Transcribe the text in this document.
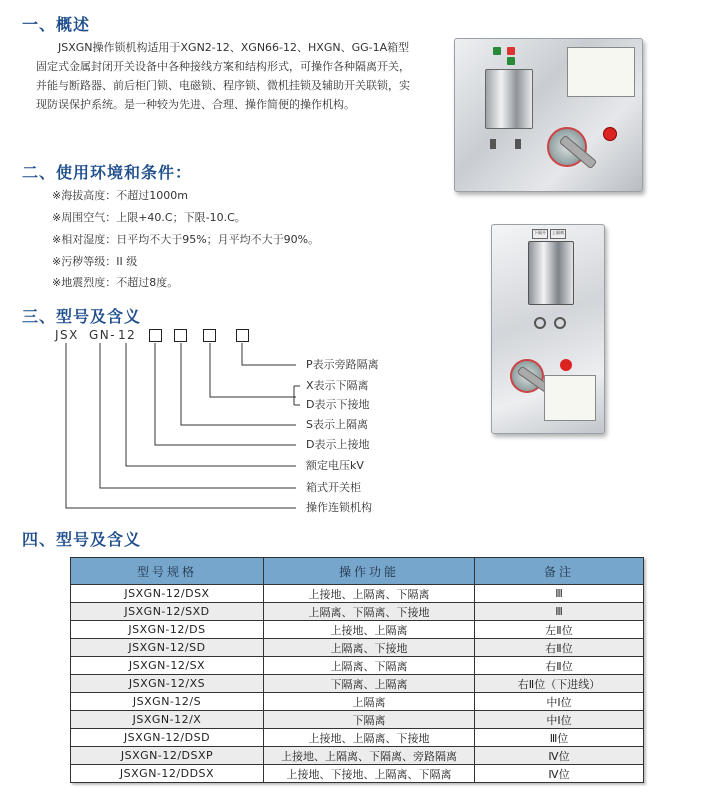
一、概述
JSXGN操作锁机构适用于XGN2-12、XGN66-12、HXGN、GG-1A箱型固定式金属封闭开关设备中各种接线方案和结构形式，可操作各种隔离开关，并能与断路器、前后柜门锁、电磁锁、程序锁、微机挂锁及辅助开关联锁，实现防误保护系统。是一种较为先进、合理、操作简便的操作机构。
二、使用环境和条件：
※海拔高度：不超过1000m
※周围空气：上限+40.C；下限-10.C。
※相对湿度：日平均不大于95%；月平均不大于90%。
※污秽等级：II 级
※地震烈度：不超过8度。
下隔开	上隔离
三、型号及含义
JSX GN- 12
P表示旁路隔离
X表示下隔离
D表示下接地
S表示上隔离
D表示上接地
额定电压kV
箱式开关柜
操作连锁机构
四、型号及含义
型号规格	操作功能	备注
JSXGN-12/DSX	上接地、上隔离、下隔离	Ⅲ
JSXGN-12/SXD	上隔离、下隔离、下接地	Ⅲ
JSXGN-12/DS	上接地、上隔离	左Ⅱ位
JSXGN-12/SD	上隔离、下接地	右Ⅱ位
JSXGN-12/SX	上隔离、下隔离	右Ⅱ位
JSXGN-12/XS	下隔离、上隔离	右Ⅱ位（下进线）
JSXGN-12/S	上隔离	中Ⅰ位
JSXGN-12/X	下隔离	中Ⅰ位
JSXGN-12/DSD	上接地、上隔离、下接地	Ⅲ位
JSXGN-12/DSXP	上接地、上隔离、下隔离、旁路隔离	Ⅳ位
JSXGN-12/DDSX	上接地、下接地、上隔离、下隔离	Ⅳ位
